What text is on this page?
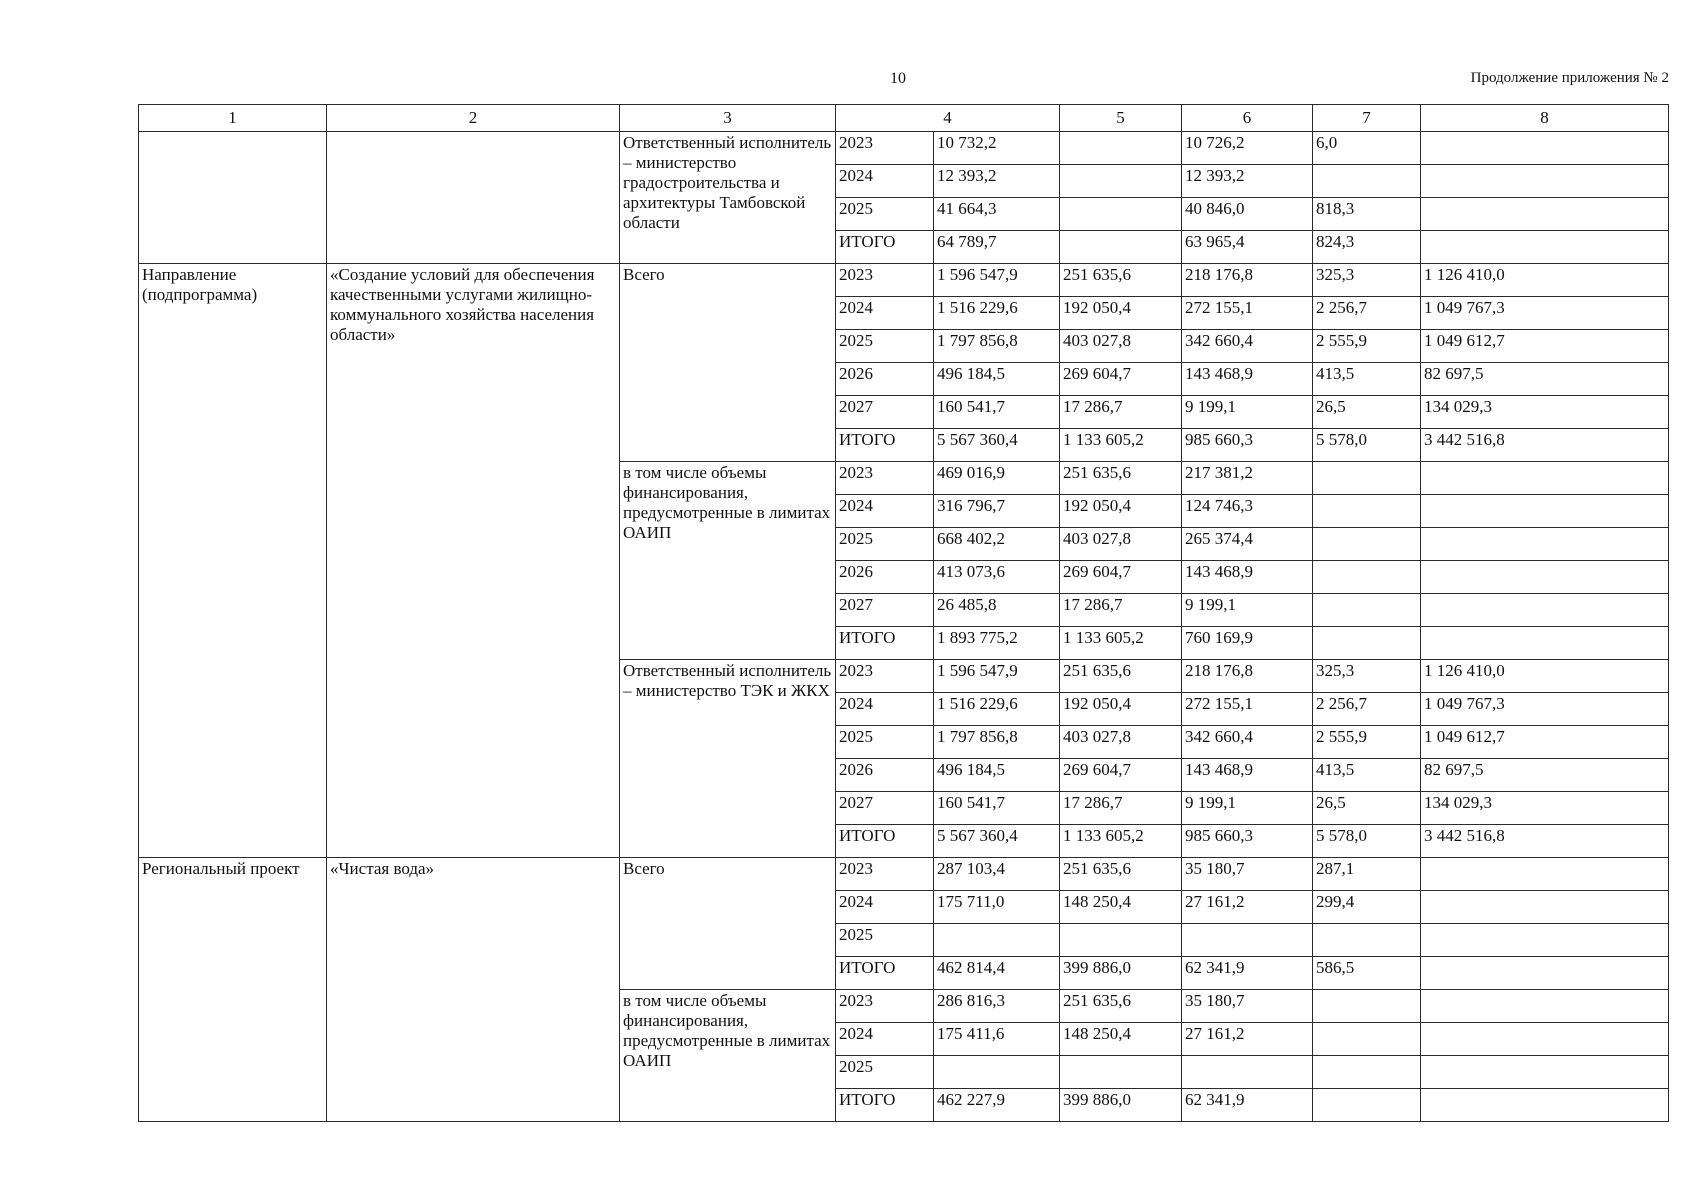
10	Продолжение приложения № 2
1	2	3	4		5	6	7	8
		Ответственный исполнитель – министерство градостроительства и архитектуры Тамбовской области	2023	10 732,2		10 726,2	6,0	
			2024	12 393,2		12 393,2		
			2025	41 664,3		40 846,0	818,3	
			ИТОГО	64 789,7		63 965,4	824,3	
Направление (подпрограмма)	«Создание условий для обеспечения качественными услугами жилищно-коммунального хозяйства населения области»	Всего	2023	1 596 547,9	251 635,6	218 176,8	325,3	1 126 410,0
			2024	1 516 229,6	192 050,4	272 155,1	2 256,7	1 049 767,3
			2025	1 797 856,8	403 027,8	342 660,4	2 555,9	1 049 612,7
			2026	496 184,5	269 604,7	143 468,9	413,5	82 697,5
			2027	160 541,7	17 286,7	9 199,1	26,5	134 029,3
			ИТОГО	5 567 360,4	1 133 605,2	985 660,3	5 578,0	3 442 516,8
		в том числе объемы финансирования, предусмотренные в лимитах ОАИП	2023	469 016,9	251 635,6	217 381,2		
			2024	316 796,7	192 050,4	124 746,3		
			2025	668 402,2	403 027,8	265 374,4		
			2026	413 073,6	269 604,7	143 468,9		
			2027	26 485,8	17 286,7	9 199,1		
			ИТОГО	1 893 775,2	1 133 605,2	760 169,9		
		Ответственный исполнитель – министерство ТЭК и ЖКХ	2023	1 596 547,9	251 635,6	218 176,8	325,3	1 126 410,0
			2024	1 516 229,6	192 050,4	272 155,1	2 256,7	1 049 767,3
			2025	1 797 856,8	403 027,8	342 660,4	2 555,9	1 049 612,7
			2026	496 184,5	269 604,7	143 468,9	413,5	82 697,5
			2027	160 541,7	17 286,7	9 199,1	26,5	134 029,3
			ИТОГО	5 567 360,4	1 133 605,2	985 660,3	5 578,0	3 442 516,8
Региональный проект	«Чистая вода»	Всего	2023	287 103,4	251 635,6	35 180,7	287,1	
			2024	175 711,0	148 250,4	27 161,2	299,4	
			2025					
			ИТОГО	462 814,4	399 886,0	62 341,9	586,5	
		в том числе объемы финансирования, предусмотренные в лимитах ОАИП	2023	286 816,3	251 635,6	35 180,7		
			2024	175 411,6	148 250,4	27 161,2		
			2025					
			ИТОГО	462 227,9	399 886,0	62 341,9		
